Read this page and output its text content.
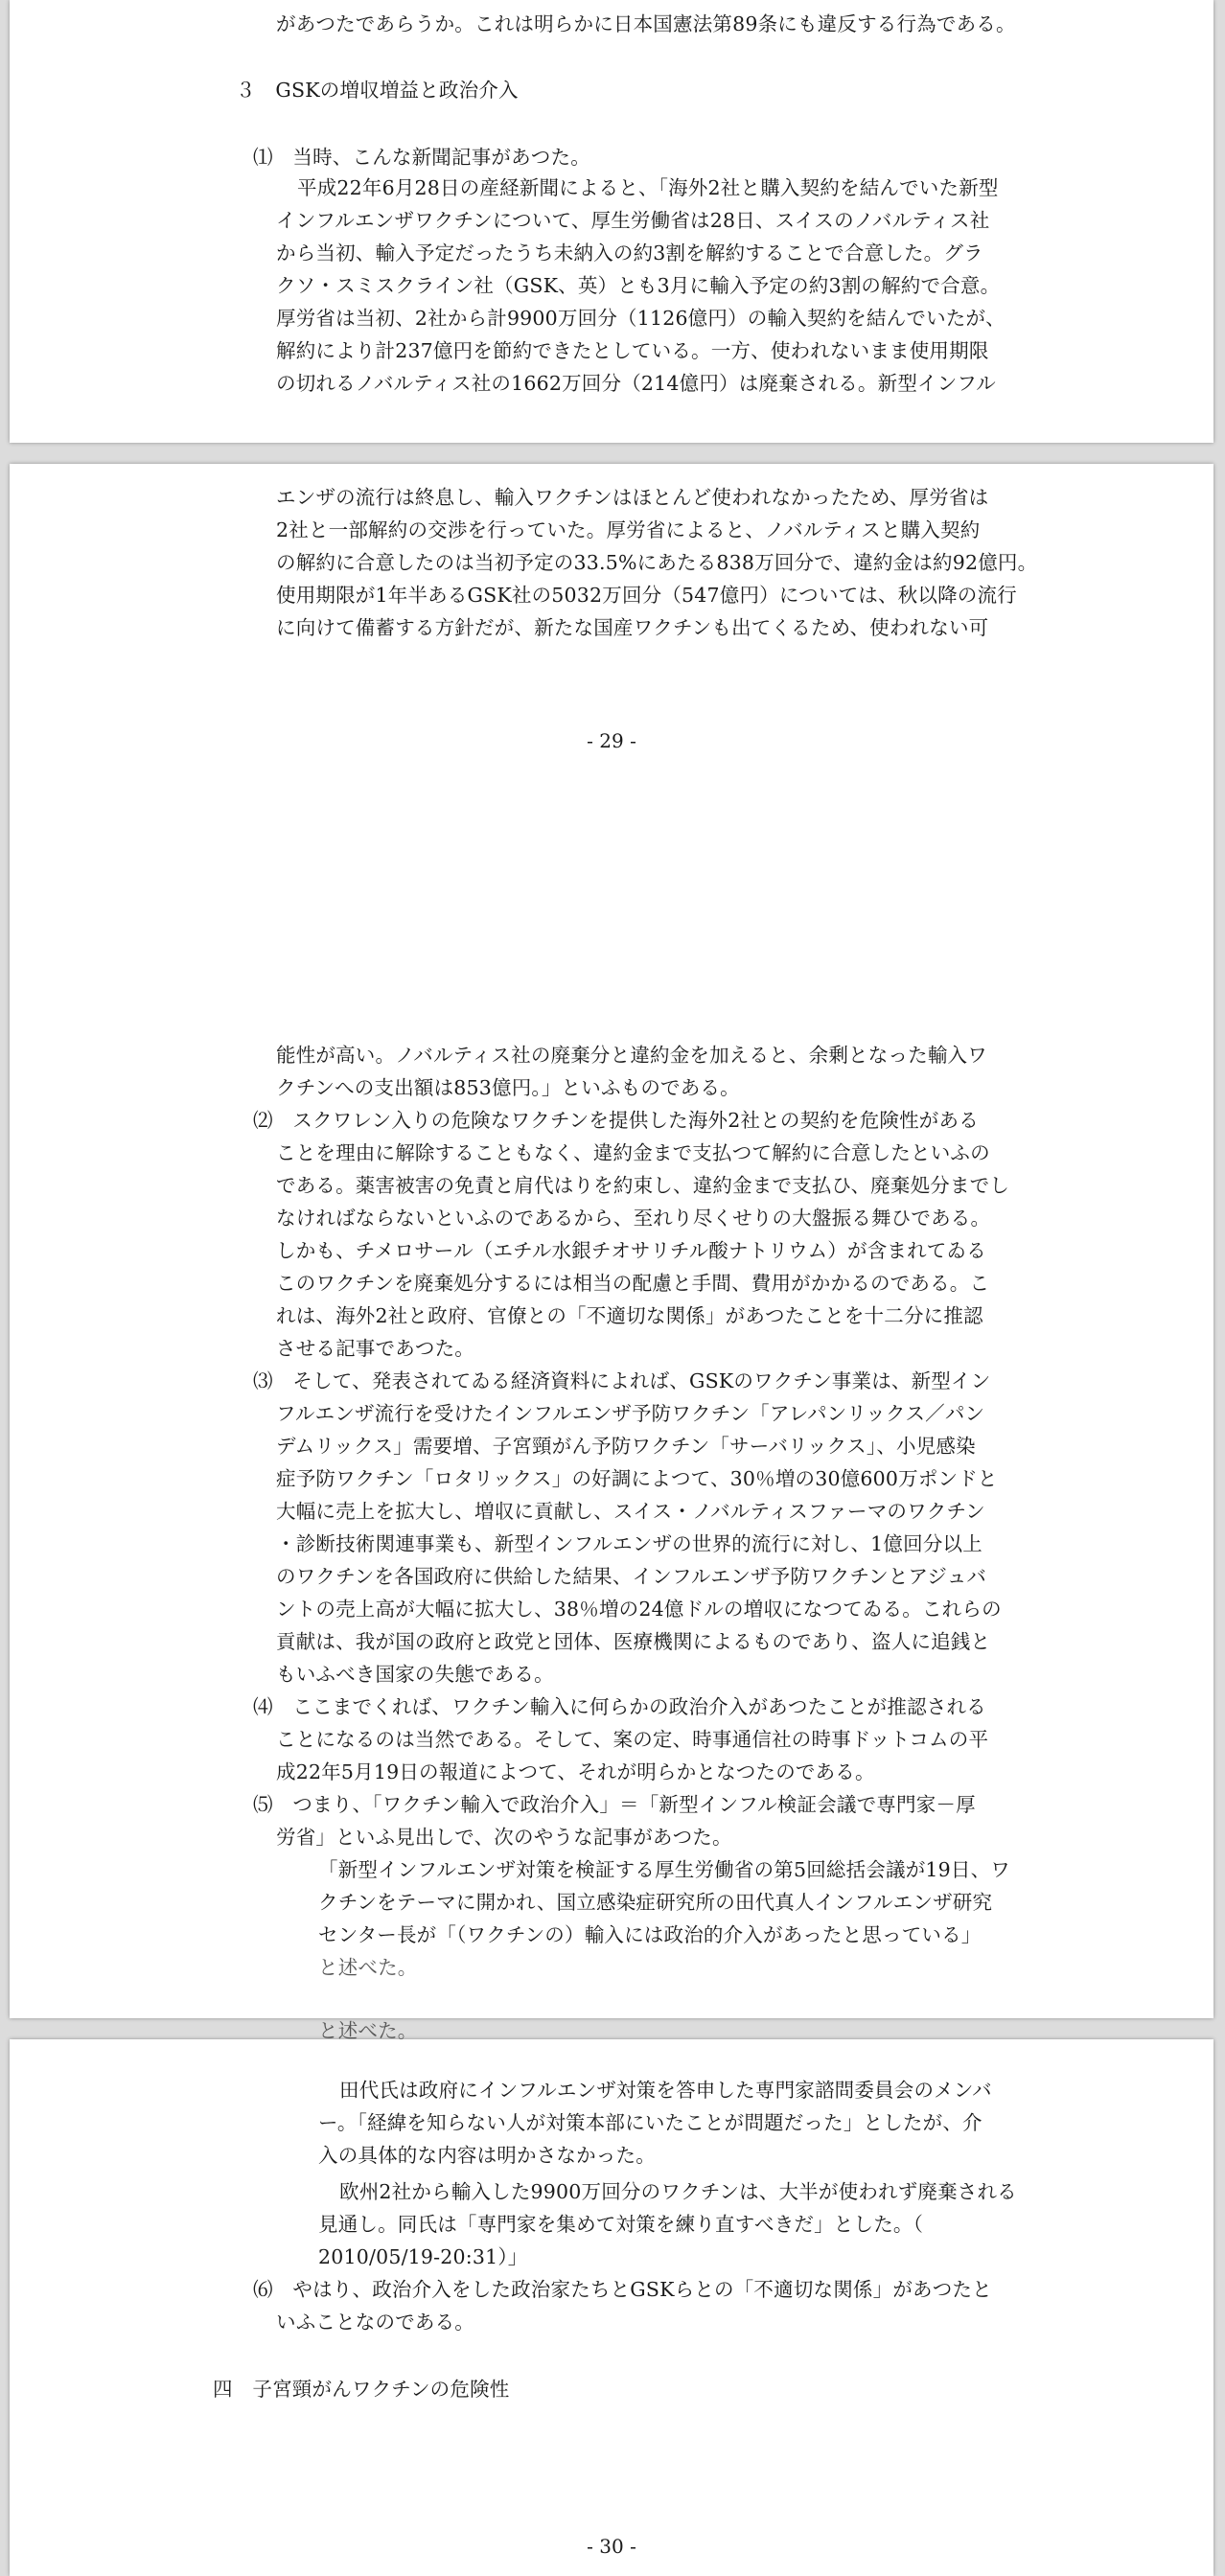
があつたであらうか。これは明らかに日本国憲法第89条にも違反する行為である。
３　GSKの増収増益と政治介入
⑴　当時、こんな新聞記事があつた。
平成22年6月28日の産経新聞によると、「海外2社と購入契約を結んでいた新型
インフルエンザワクチンについて、厚生労働省は28日、スイスのノバルティス社
から当初、輸入予定だったうち未納入の約3割を解約することで合意した。グラ
クソ・スミスクライン社（GSK、英）とも3月に輸入予定の約3割の解約で合意。
厚労省は当初、2社から計9900万回分（1126億円）の輸入契約を結んでいたが、
解約により計237億円を節約できたとしている。一方、使われないまま使用期限
の切れるノバルティス社の1662万回分（214億円）は廃棄される。新型インフル
エンザの流行は終息し、輸入ワクチンはほとんど使われなかったため、厚労省は
2社と一部解約の交渉を行っていた。厚労省によると、ノバルティスと購入契約
の解約に合意したのは当初予定の33.5%にあたる838万回分で、違約金は約92億円。
使用期限が1年半あるGSK社の5032万回分（547億円）については、秋以降の流行
に向けて備蓄する方針だが、新たな国産ワクチンも出てくるため、使われない可
- 29 -
能性が高い。ノバルティス社の廃棄分と違約金を加えると、余剰となった輸入ワ
クチンへの支出額は853億円。」といふものである。
⑵　スクワレン入りの危険なワクチンを提供した海外2社との契約を危険性がある
ことを理由に解除することもなく、違約金まで支払つて解約に合意したといふの
である。薬害被害の免責と肩代はりを約束し、違約金まで支払ひ、廃棄処分までし
なければならないといふのであるから、至れり尽くせりの大盤振る舞ひである。
しかも、チメロサール（エチル水銀チオサリチル酸ナトリウム）が含まれてゐる
このワクチンを廃棄処分するには相当の配慮と手間、費用がかかるのである。こ
れは、海外2社と政府、官僚との「不適切な関係」があつたことを十二分に推認
させる記事であつた。
⑶　そして、発表されてゐる経済資料によれば、GSKのワクチン事業は、新型イン
フルエンザ流行を受けたインフルエンザ予防ワクチン「アレパンリックス／パン
デムリックス」需要増、子宮頸がん予防ワクチン「サーバリックス」、小児感染
症予防ワクチン「ロタリックス」の好調によつて、30％増の30億600万ポンドと
大幅に売上を拡大し、増収に貢献し、スイス・ノバルティスファーマのワクチン
・診断技術関連事業も、新型インフルエンザの世界的流行に対し、1億回分以上
のワクチンを各国政府に供給した結果、インフルエンザ予防ワクチンとアジュバ
ントの売上高が大幅に拡大し、38％増の24億ドルの増収になつてゐる。これらの
貢献は、我が国の政府と政党と団体、医療機関によるものであり、盗人に追銭と
もいふべき国家の失態である。
⑷　ここまでくれば、ワクチン輸入に何らかの政治介入があつたことが推認される
ことになるのは当然である。そして、案の定、時事通信社の時事ドットコムの平
成22年5月19日の報道によつて、それが明らかとなつたのである。
⑸　つまり、「ワクチン輸入で政治介入」＝「新型インフル検証会議で専門家－厚
労省」といふ見出しで、次のやうな記事があつた。
「新型インフルエンザ対策を検証する厚生労働省の第5回総括会議が19日、ワ
クチンをテーマに開かれ、国立感染症研究所の田代真人インフルエンザ研究
センター長が「（ワクチンの）輸入には政治的介入があったと思っている」
と述べた。
と述べた。
田代氏は政府にインフルエンザ対策を答申した専門家諮問委員会のメンバ
ー。「経緯を知らない人が対策本部にいたことが問題だった」としたが、介
入の具体的な内容は明かさなかった。
欧州2社から輸入した9900万回分のワクチンは、大半が使われず廃棄される
見通し。同氏は「専門家を集めて対策を練り直すべきだ」とした。（
2010/05/19-20:31）」
⑹　やはり、政治介入をした政治家たちとGSKらとの「不適切な関係」があつたと
いふことなのである。
四　子宮頸がんワクチンの危険性
- 30 -
